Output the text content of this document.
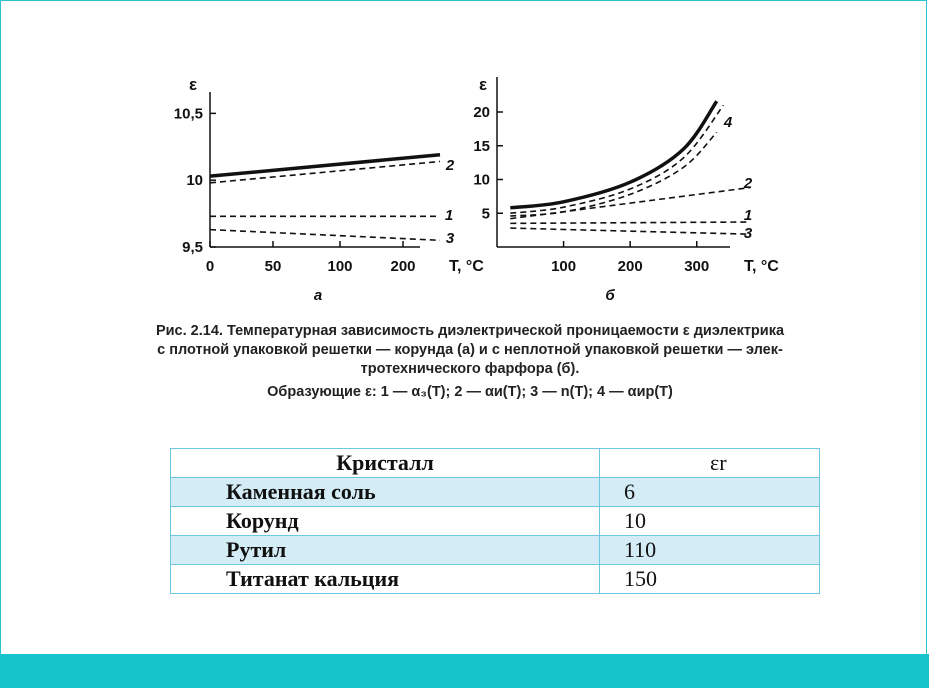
ε
9,5
10
10,5
0	50	100	200 T, °C
а
2
1
3
ε
5
10
15
20
100	200	300 T, °C
б
4
2
1
3
Рис. 2.14. Температурная зависимость диэлектрической проницаемости ε диэлектрика
с плотной упаковкой решетки — корунда (а) и с неплотной упаковкой решетки — элек-
тротехнического фарфора (б).
Образующие ε: 1 — α₃(T); 2 — αи(T); 3 — n(T); 4 — αир(T)
Кристалл	εr
Каменная соль	6
Корунд	10
Рутил	110
Титанат кальция	150
